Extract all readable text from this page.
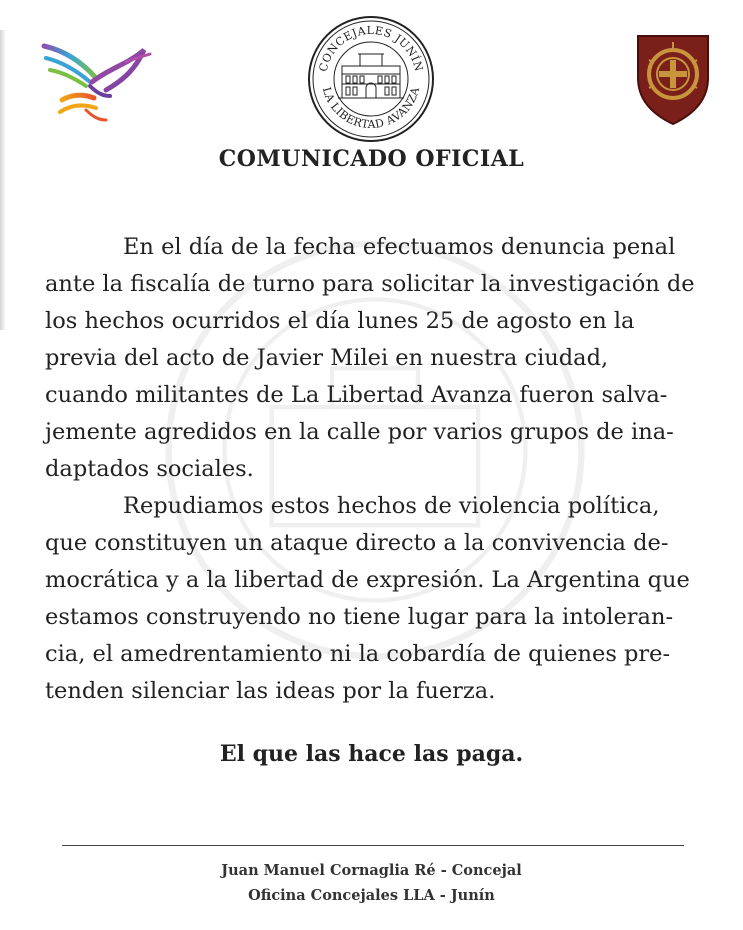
CONCEJALES JUNÍN
LA LIBERTAD AVANZA
COMUNICADO OFICIAL

En el día de la fecha efectuamos denuncia penal
ante la fiscalía de turno para solicitar la investigación de
los hechos ocurridos el día lunes 25 de agosto en la
previa del acto de Javier Milei en nuestra ciudad,
cuando militantes de La Libertad Avanza fueron salva-
jemente agredidos en la calle por varios grupos de ina-
daptados sociales.

Repudiamos estos hechos de violencia política,
que constituyen un ataque directo a la convivencia de-
mocrática y a la libertad de expresión. La Argentina que
estamos construyendo no tiene lugar para la intoleran-
cia, el amedrentamiento ni la cobardía de quienes pre-
tenden silenciar las ideas por la fuerza.

El que las hace las paga.
Juan Manuel Cornaglia Ré - Concejal
Oficina Concejales LLA - Junín
